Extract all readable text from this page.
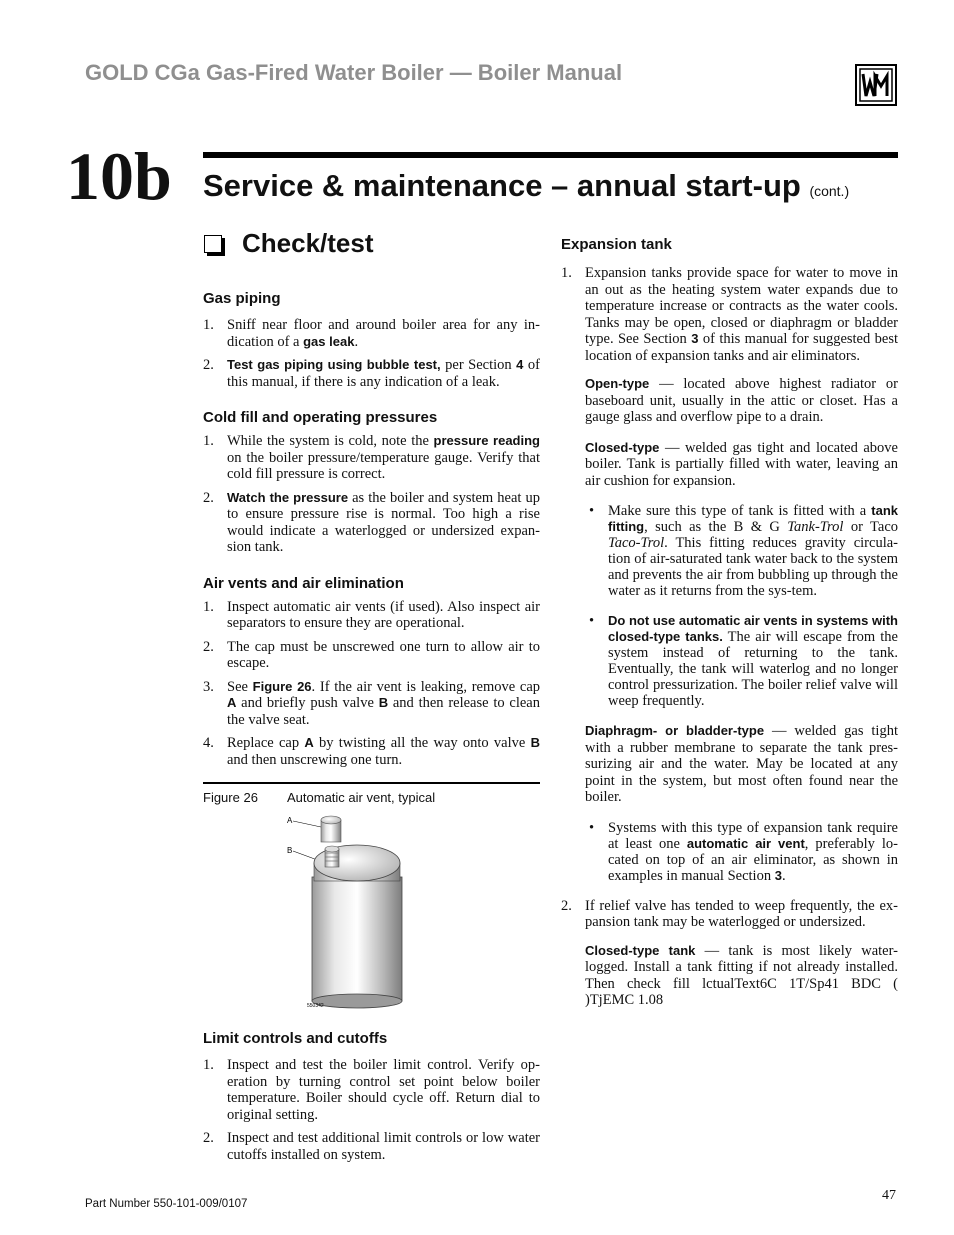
GOLD CGa Gas-Fired Water Boiler — Boiler Manual
10b Service & maintenance – annual start-up (cont.)
Check/test
Gas piping
1. Sniff near floor and around boiler area for any in-dication of a gas leak.
2. Test gas piping using bubble test, per Section 4 of this manual, if there is any indication of a leak.
Cold fill and operating pressures
1. While the system is cold, note the pressure reading on the boiler pressure/temperature gauge. Verify that cold fill pressure is correct.
2. Watch the pressure as the boiler and system heat up to ensure pressure rise is normal. Too high a rise would indicate a waterlogged or undersized expan-sion tank.
Air vents and air elimination
1. Inspect automatic air vents (if used). Also inspect air separators to ensure they are operational.
2. The cap must be unscrewed one turn to allow air to escape.
3. See Figure 26. If the air vent is leaking, remove cap A and briefly push valve B and then release to clean the valve seat.
4. Replace cap A by twisting all the way onto valve B and then unscrewing one turn.
Figure 26 Automatic air vent, typical
A
B
550342
Limit controls and cutoffs
1. Inspect and test the boiler limit control. Verify op-eration by turning control set point below boiler temperature. Boiler should cycle off. Return dial to original setting.
2. Inspect and test additional limit controls or low water cutoffs installed on system.
Expansion tank
1. Expansion tanks provide space for water to move in an out as the heating system water expands due to temperature increase or contracts as the water cools. Tanks may be open, closed or diaphragm or bladder type. See Section 3 of this manual for suggested best location of expansion tanks and air eliminators.
Open-type — located above highest radiator or baseboard unit, usually in the attic or closet. Has a gauge glass and overflow pipe to a drain.
Closed-type — welded gas tight and located above boiler. Tank is partially filled with water, leaving an air cushion for expansion.
• Make sure this type of tank is fitted with a tank fitting, such as the B & G Tank-Trol or Taco Taco-Trol. This fitting reduces gravity circula-tion of air-saturated tank water back to the system and prevents the air from bubbling up through the water as it returns from the sys-tem.
• Do not use automatic air vents in systems with closed-type tanks. The air will escape from the system instead of returning to the tank. Eventually, the tank will waterlog and no longer control pressurization. The boiler relief valve will weep frequently.
Diaphragm- or bladder-type — welded gas tight with a rubber membrane to separate the tank pres-surizing air and the water. May be located at any point in the system, but most often found near the boiler.
• Systems with this type of expansion tank require at least one automatic air vent, preferably lo-cated on top of an air eliminator, as shown in examples in manual Section 3.
2. If relief valve has tended to weep frequently, the ex-pansion tank may be waterlogged or undersized.
Closed-type tank — tank is most likely water-logged. Install a tank fitting if not already installed. Then check fill lctualText6C 1T/Sp41 BDC ( )TjEMC 1.08
Part Number 550-101-009/0107
47
